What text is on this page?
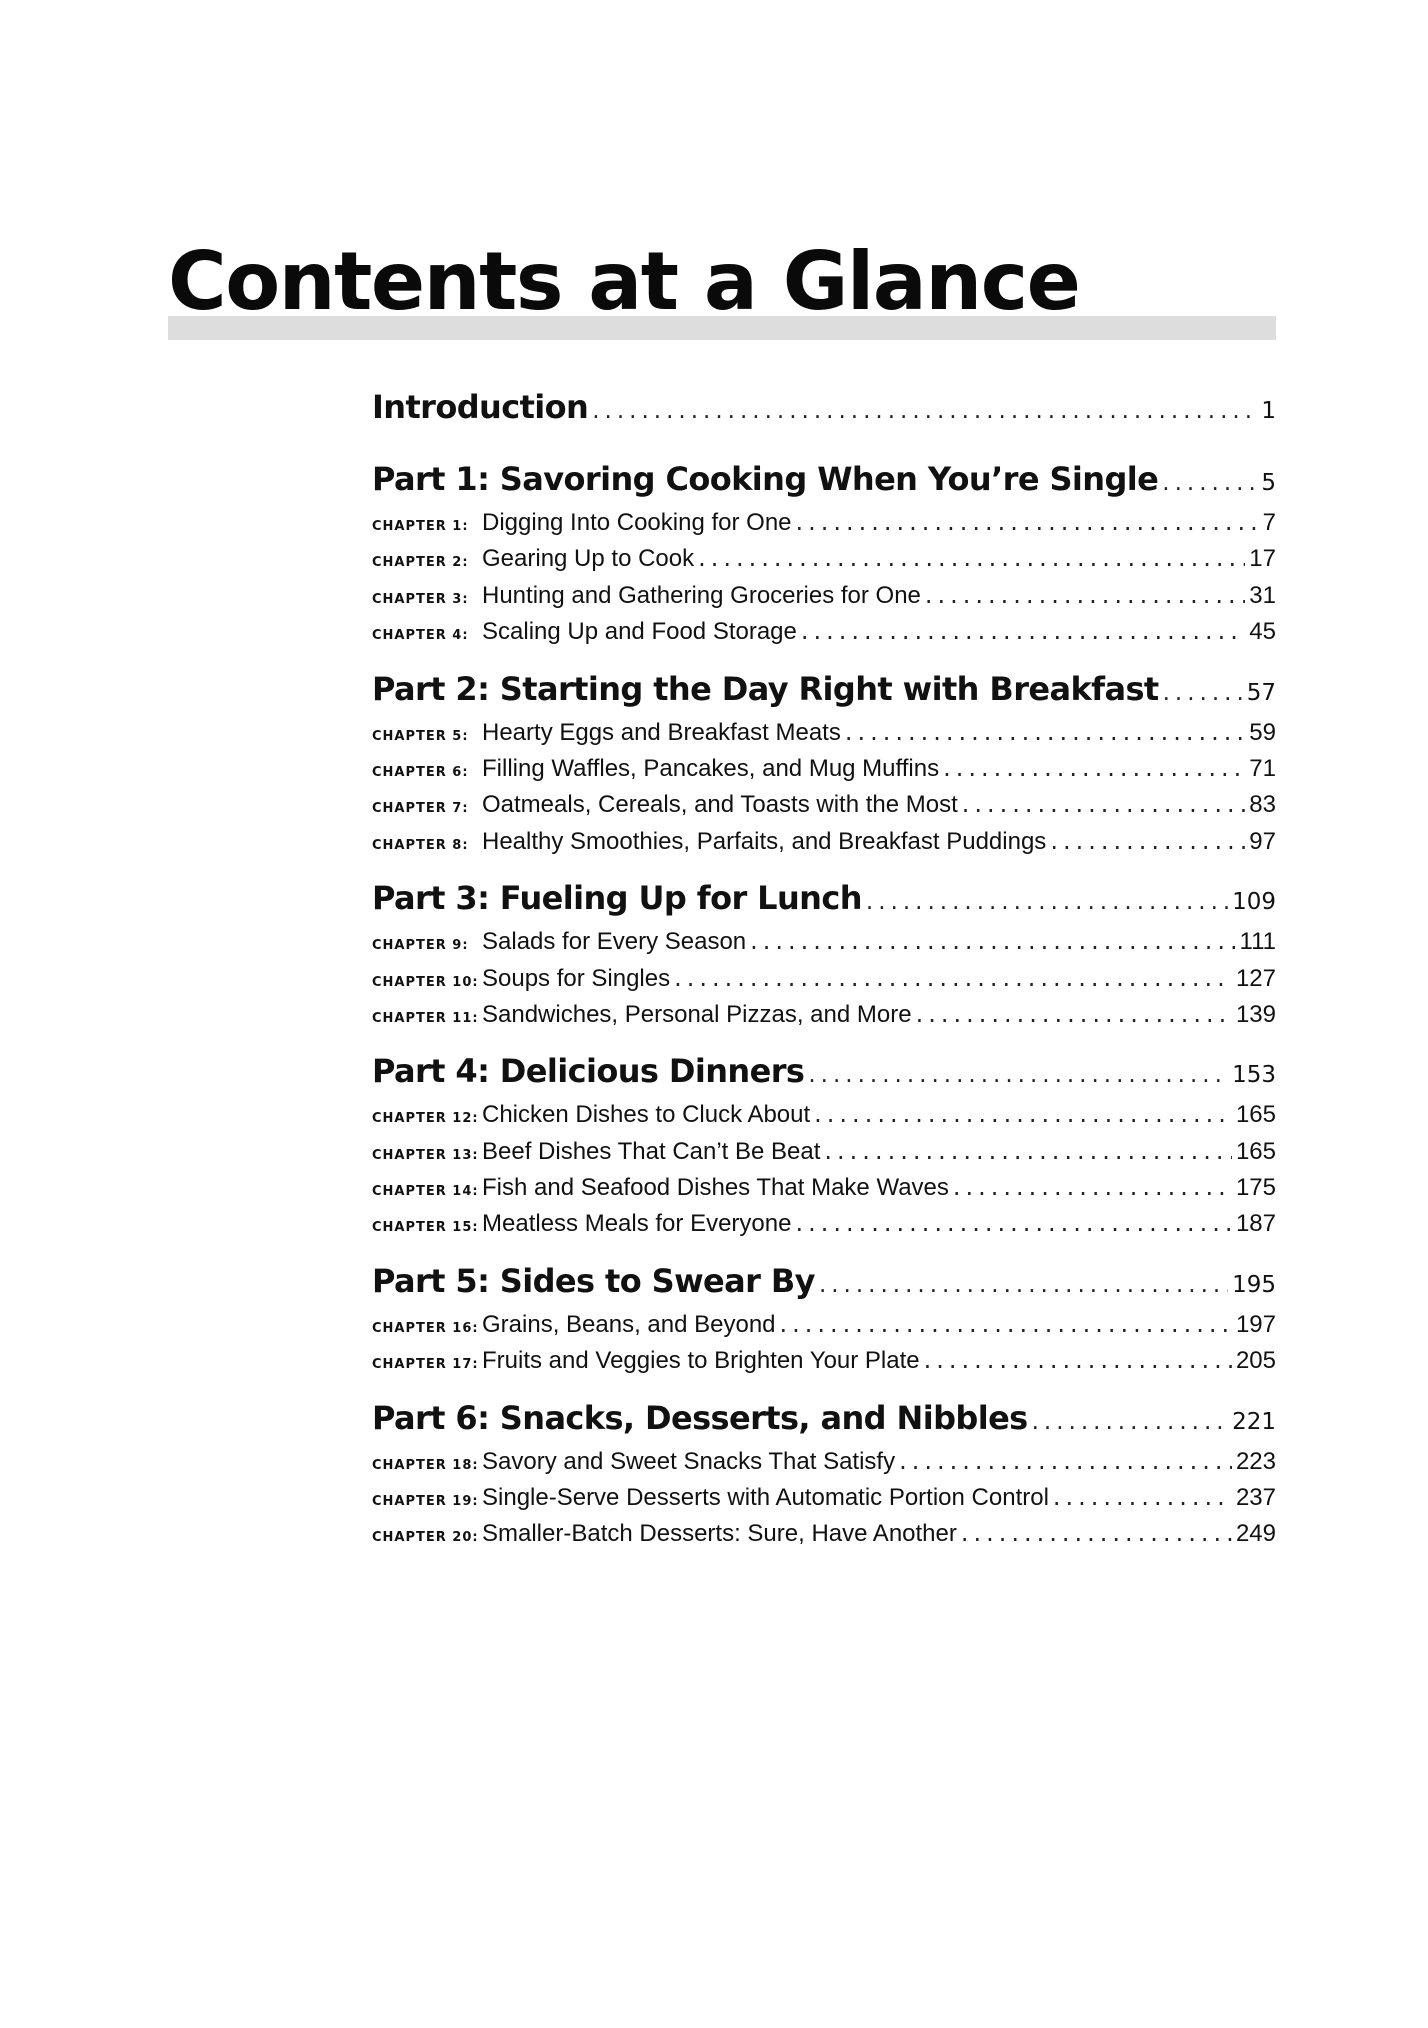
Contents at a Glance
Introduction .....	1
Part 1: Savoring Cooking When You’re Single .....	5
CHAPTER 1: Digging Into Cooking for One .....	7
CHAPTER 2: Gearing Up to Cook .....	17
CHAPTER 3: Hunting and Gathering Groceries for One .....	31
CHAPTER 4: Scaling Up and Food Storage .....	45
Part 2: Starting the Day Right with Breakfast .....	57
CHAPTER 5: Hearty Eggs and Breakfast Meats .....	59
CHAPTER 6: Filling Waffles, Pancakes, and Mug Muffins .....	71
CHAPTER 7: Oatmeals, Cereals, and Toasts with the Most .....	83
CHAPTER 8: Healthy Smoothies, Parfaits, and Breakfast Puddings .....	97
Part 3: Fueling Up for Lunch .....	109
CHAPTER 9: Salads for Every Season .....	111
CHAPTER 10: Soups for Singles .....	127
CHAPTER 11: Sandwiches, Personal Pizzas, and More .....	139
Part 4: Delicious Dinners .....	153
CHAPTER 12: Chicken Dishes to Cluck About .....	165
CHAPTER 13: Beef Dishes That Can’t Be Beat .....	165
CHAPTER 14: Fish and Seafood Dishes That Make Waves .....	175
CHAPTER 15: Meatless Meals for Everyone .....	187
Part 5: Sides to Swear By .....	195
CHAPTER 16: Grains, Beans, and Beyond .....	197
CHAPTER 17: Fruits and Veggies to Brighten Your Plate .....	205
Part 6: Snacks, Desserts, and Nibbles .....	221
CHAPTER 18: Savory and Sweet Snacks That Satisfy .....	223
CHAPTER 19: Single-Serve Desserts with Automatic Portion Control .....	237
CHAPTER 20: Smaller-Batch Desserts: Sure, Have Another .....	249
